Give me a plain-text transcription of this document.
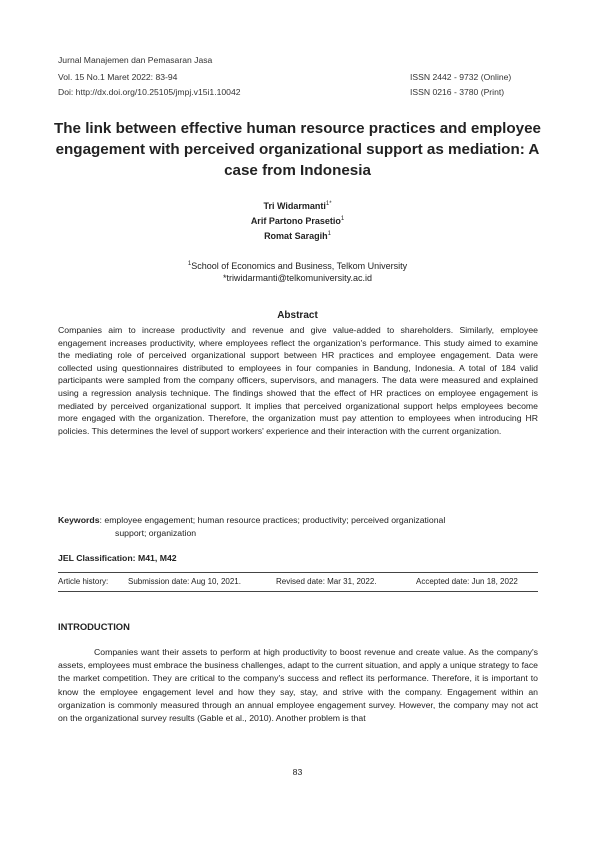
Jurnal Manajemen dan Pemasaran Jasa
Vol. 15 No.1 Maret 2022: 83-94
Doi: http://dx.doi.org/10.25105/jmpj.v15i1.10042
ISSN 2442 - 9732 (Online)
ISSN 0216 - 3780 (Print)
The link between effective human resource practices and employee engagement with perceived organizational support as mediation: A case from Indonesia
Tri Widarmanti$^{1*}$
Arif Partono Prasetio$^1$
Romat Saragih$^1$
$^1$School of Economics and Business, Telkom University
*triwidarmanti@telkomuniversity.ac.id
Abstract
Companies aim to increase productivity and revenue and give value-added to shareholders. Similarly, employee engagement increases productivity, where employees reflect the organization's performance. This study aimed to examine the mediating role of perceived organizational support between HR practices and employee engagement. Data were collected using questionnaires distributed to employees in four companies in Bandung, Indonesia. A total of 184 valid participants were sampled from the company officers, supervisors, and managers. The data were measured and explained using a regression analysis technique. The findings showed that the effect of HR practices on employee engagement is mediated by perceived organizational support. It implies that perceived organizational support helps employees become more engaged with the organization. Therefore, the organization must pay attention to employees when introducing HR policies. This determines the level of support workers' experience and their interaction with the current organization.
Keywords: employee engagement; human resource practices; productivity; perceived organizational
support; organization
JEL Classification: M41, M42
Article history: Submission date: Aug 10, 2021.	Revised date: Mar 31, 2022.	Accepted date: Jun 18, 2022
INTRODUCTION
Companies want their assets to perform at high productivity to boost revenue and create value. As the company's assets, employees must embrace the business challenges, adapt to the current situation, and apply a unique strategy to face the market competition. They are critical to the company's success and reflect its performance. Therefore, it is important to know the employee engagement level and how they say, stay, and strive with the company. Engagement within an organization is commonly measured through an annual employee engagement survey. However, the company may not act on the organizational survey results (Gable et al., 2010). Another problem is that
83
